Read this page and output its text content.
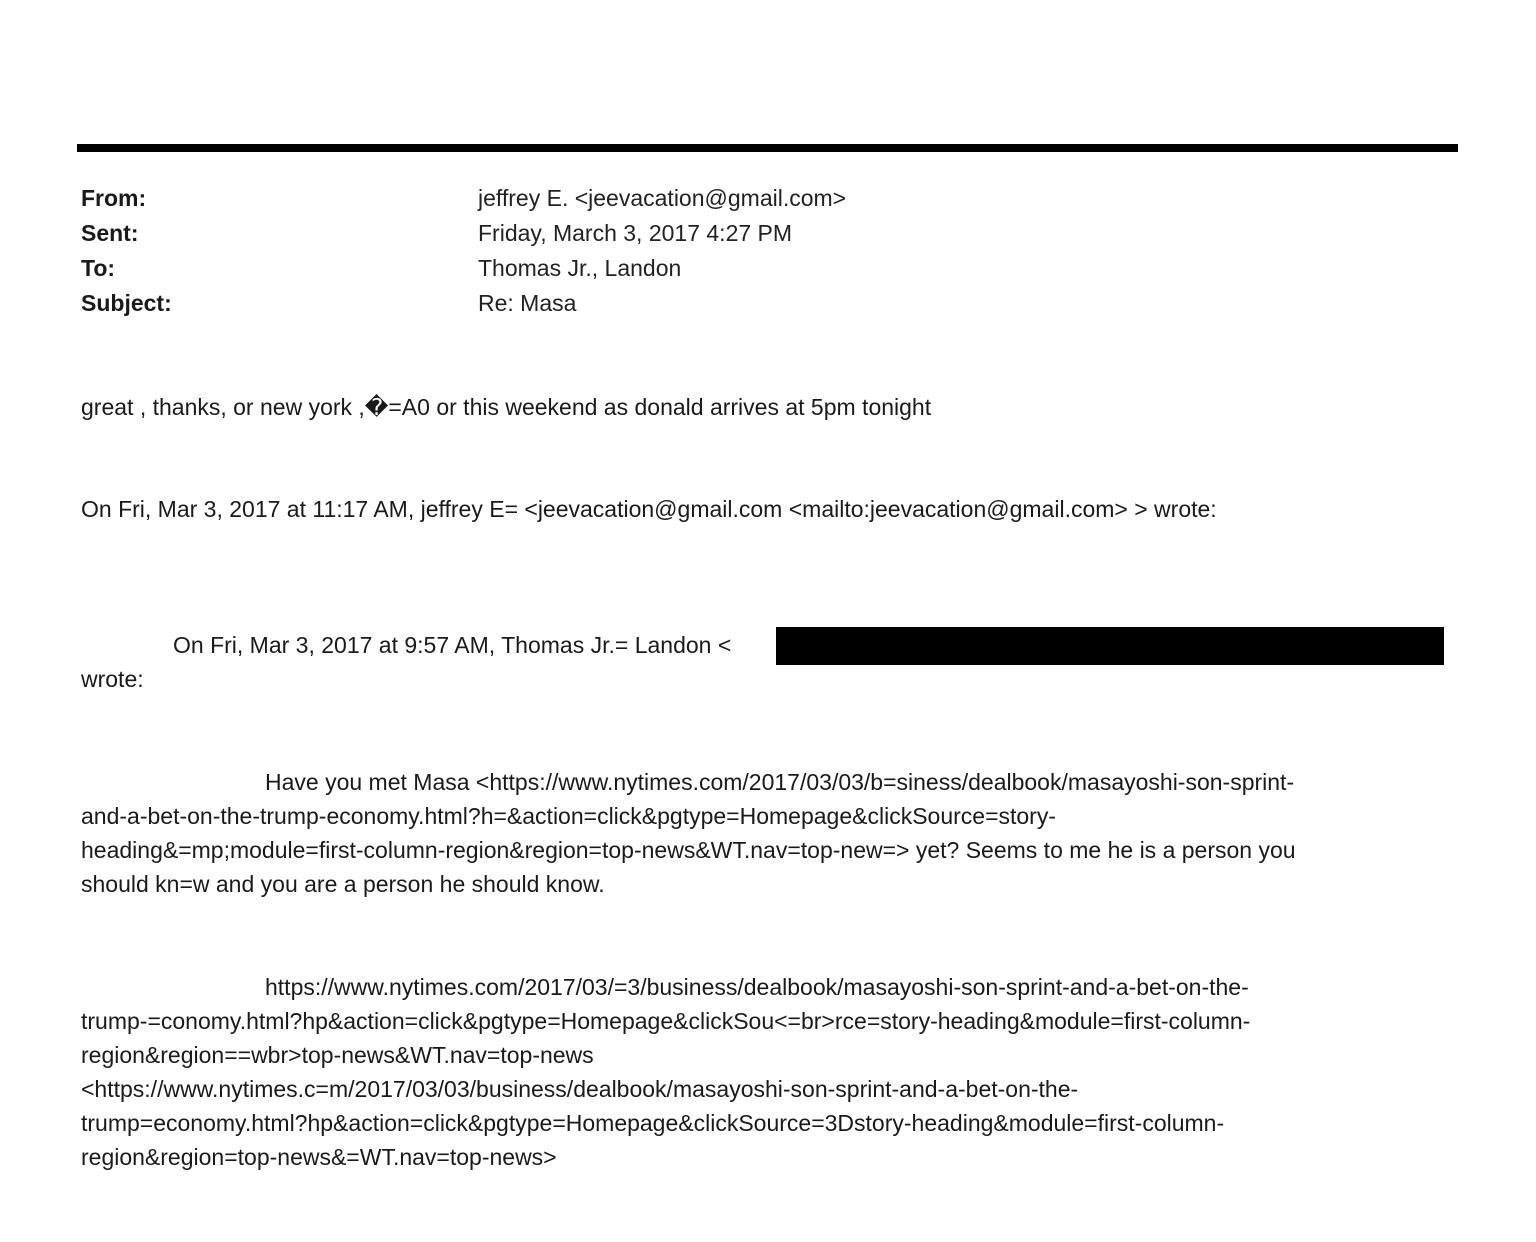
From:	jeffrey E. <jeevacation@gmail.com>
Sent:	Friday, March 3, 2017 4:27 PM
To:	Thomas Jr., Landon
Subject:	Re: Masa
great , thanks, or new york ,�=A0 or this weekend as donald arrives at 5pm tonight
On Fri, Mar 3, 2017 at 11:17 AM, jeffrey E= <jeevacation@gmail.com <mailto:jeevacation@gmail.com> > wrote:
On Fri, Mar 3, 2017 at 9:57 AM, Thomas Jr.= Landon <
wrote:
Have you met Masa <https://www.nytimes.com/2017/03/03/b=siness/dealbook/masayoshi-son-sprint-
and-a-bet-on-the-trump-economy.html?h=&action=click&pgtype=Homepage&clickSource=story-
heading&=mp;module=first-column-region&region=top-news&WT.nav=top-new=> yet? Seems to me he is a person you
should kn=w and you are a person he should know.
https://www.nytimes.com/2017/03/=3/business/dealbook/masayoshi-son-sprint-and-a-bet-on-the-
trump-=conomy.html?hp&action=click&pgtype=Homepage&clickSou<=br>rce=story-heading&module=first-column-
region&region==wbr>top-news&WT.nav=top-news
<https://www.nytimes.c=m/2017/03/03/business/dealbook/masayoshi-son-sprint-and-a-bet-on-the-
trump=economy.html?hp&action=click&pgtype=Homepage&clickSource=3Dstory-heading&module=first-column-
region&region=top-news&=WT.nav=top-news>
